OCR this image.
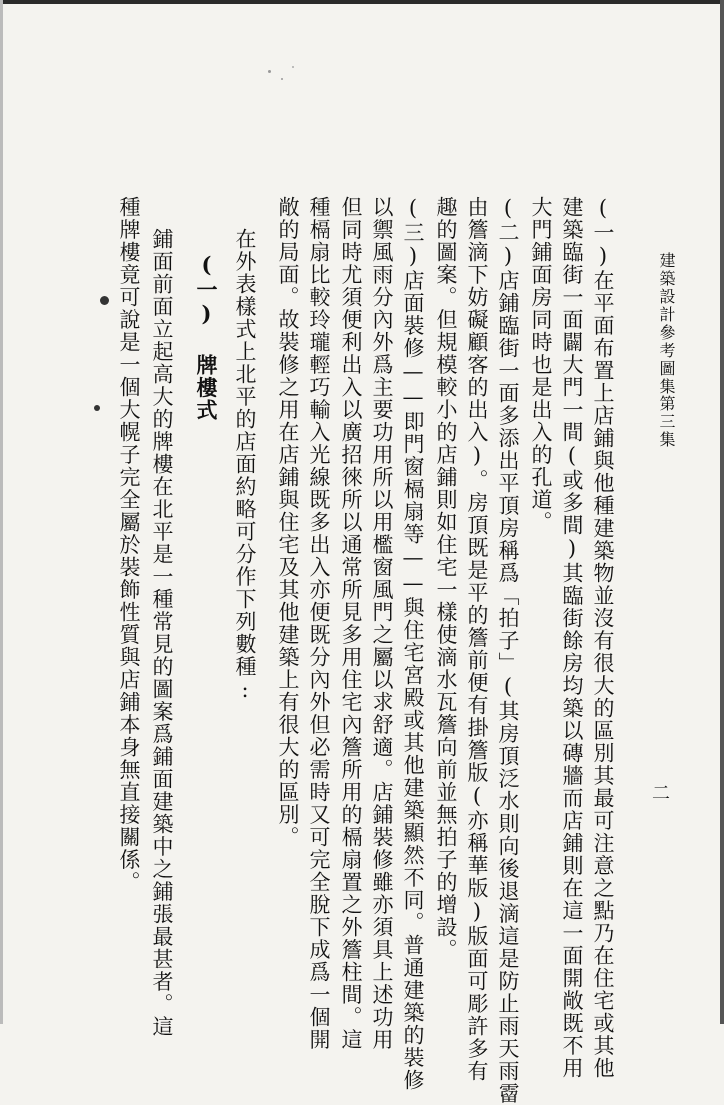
建築設計參考圖集
第三集
二
(一)在平面布置上店鋪與他種建築物並沒有很大的區別其最可注意之點乃在住宅或其他
建築臨街一面闢大門一間(或多間)其臨街餘房均築以磚牆而店鋪則在這一面開敞既不用
大門鋪面房同時也是出入的孔道。
(二)店鋪臨街一面多添出平頂房稱爲「拍子」(其房頂泛水則向後退滴這是防止雨天雨霤
由簷滴下妨礙顧客的出入)。房頂既是平的簷前便有掛簷版(亦稱華版)版面可彫許多有
趣的圖案。但規模較小的店鋪則如住宅一樣使滴水瓦簷向前並無拍子的增設。
(三)店面裝修——即門窗槅扇等——與住宅宮殿或其他建築顯然不同。普通建築的裝修
以禦風雨分內外爲主要功用所以用檻窗風門之屬以求舒適。店鋪裝修雖亦須具上述功用
但同時尤須便利出入以廣招徠所以通常所見多用住宅內簷所用的槅扇置之外簷柱間。這
種槅扇比較玲瓏輕巧輸入光線既多出入亦便既分內外但必需時又可完全脫下成爲一個開
敞的局面。故裝修之用在店鋪與住宅及其他建築上有很大的區別。
在外表樣式上北平的店面約略可分作下列數種:
(一) 牌樓式
鋪面前面立起高大的牌樓在北平是一種常見的圖案爲鋪面建築中之鋪張最甚者。這
種牌樓竟可說是一個大幌子完全屬於裝飾性質與店鋪本身無直接關係。
